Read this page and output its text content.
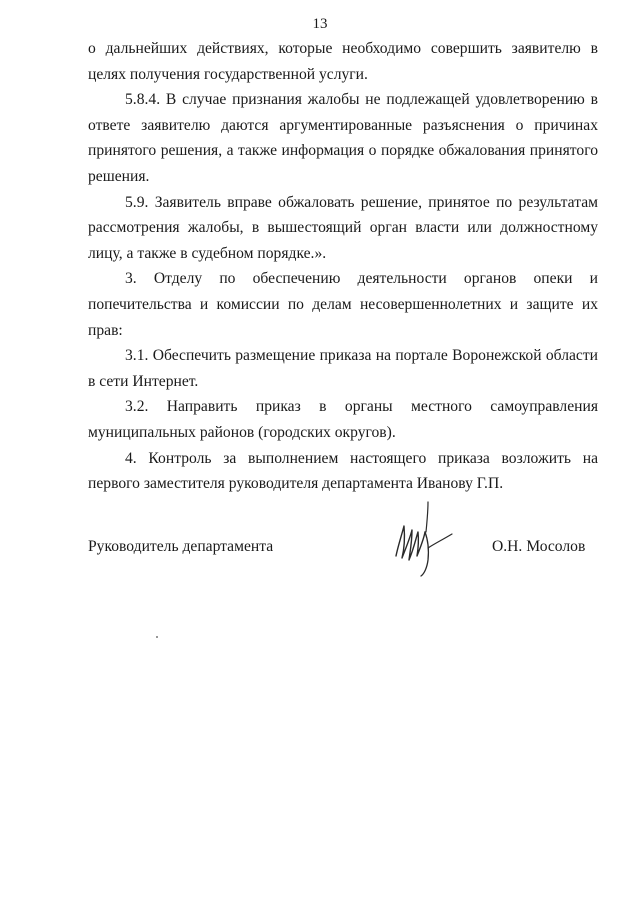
13

о дальнейших действиях, которые необходимо совершить заявителю в целях получения государственной услуги.

5.8.4. В случае признания жалобы не подлежащей удовлетворению в ответе заявителю даются аргументированные разъяснения о причинах принятого решения, а также информация о порядке обжалования принятого решения.

5.9. Заявитель вправе обжаловать решение, принятое по результатам рассмотрения жалобы, в вышестоящий орган власти или должностному лицу, а также в судебном порядке.».

3. Отделу по обеспечению деятельности органов опеки и попечительства и комиссии по делам несовершеннолетних и защите их прав:

3.1. Обеспечить размещение приказа на портале Воронежской области в сети Интернет.

3.2. Направить приказ в органы местного самоуправления муниципальных районов (городских округов).

4. Контроль за выполнением настоящего приказа возложить на первого заместителя руководителя департамента Иванову Г.П.

Руководитель департамента	О.Н. Мосолов
